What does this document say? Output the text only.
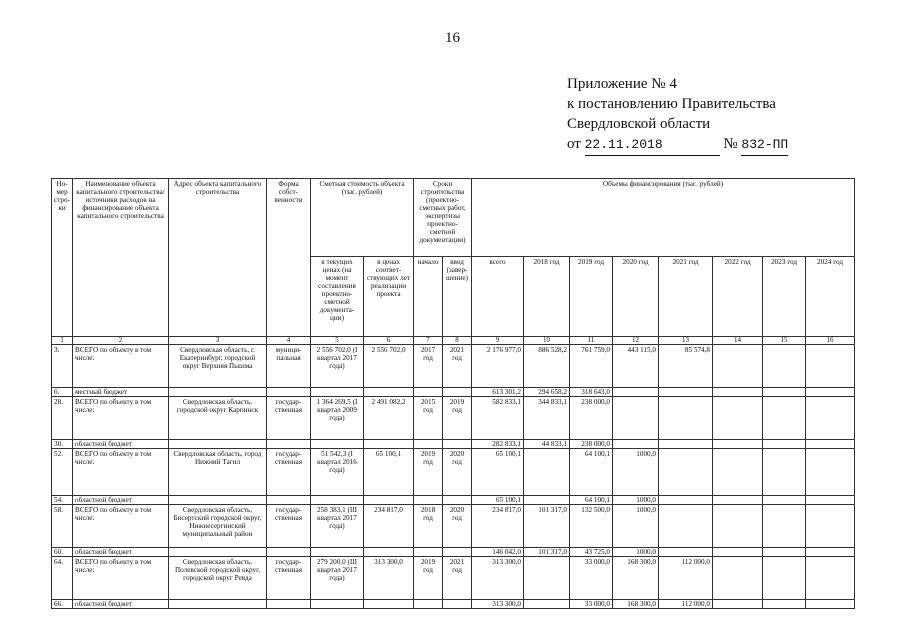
16
Приложение № 4
к постановлению Правительства
Свердловской области
от 22.11.2018	№ 832-ПП
Но-мер стро-ки	Наименование объекта капитального строительства/ источники расходов на финансирование объекта капитального строительства	Адрес объекта капитального строительства	Форма собст-венности	Сметная стоимость объекта (тыс. рублей)		Сроки строительства (проектно-сметных работ, экспертизы проектно-сметной документации)		Объемы финансирования (тыс. рублей)							
				в текущих ценах (на момент составления проектно-сметной документа-ции)	в ценах соответ-ствующих лет реализации проекта	начало	ввод (завер-шение)	всего	2018 год	2019 год	2020 год	2021 год	2022 год	2023 год	2024 год
1	2	3	4	5	6	7	8	9	10	11	12	13	14	15	16
3.	ВСЕГО по объекту в том числе:	Свердловская область, г. Екатеринбург, городской округ Верхняя Пышма	муници-пальная	2 556 702,0 (I квартал 2017 года)	2 556 702,0	2017 год	2021 год	2 176 977,0	886 528,2	761 759,0	443 115,0	85 574,8			
6.	местный бюджет							613 301,2	294 658,2	318 643,0					
28.	ВСЕГО по объекту в том числе:	Свердловская область, городской округ Карпинск	государ-ственная	1 364 269,5 (I квартал 2009 года)	2 491 082,2	2015 год	2019 год	582 833,1	344 833,1	238 000,0					
30.	областной бюджет							282 833,1	44 833,1	238 000,0					
52.	ВСЕГО по объекту в том числе:	Свердловская область, город Нижний Тагил	государ-ственная	51 542,3 (I квартал 2016 года)	65 100,1	2019 год	2020 год	65 100,1		64 100,1	1000,0				
54.	областной бюджет							65 100,1		64 100,1	1000,0				
58.	ВСЕГО по объекту в том числе:	Свердловская область, Бисертский городской округ, Нижнесергинский муниципальный район	государ-ственная	258 383,1 (III квартал 2017 года)	234 817,0	2018 год	2020 год	234 817,0	101 317,0	132 500,0	1000,0				
60.	областной бюджет							146 042,0	101 317,0	43 725,0	1000,0				
64.	ВСЕГО по объекту в том числе:	Свердловская область, Полевской городской округ, городской округ Ревда	государ-ственная	279 200,0 (III квартал 2017 года)	313 300,0	2019 год	2021 год	313 300,0		33 000,0	168 300,0	112 000,0			
66.	областной бюджет							313 300,0		33 000,0	168 300,0	112 000,0			
